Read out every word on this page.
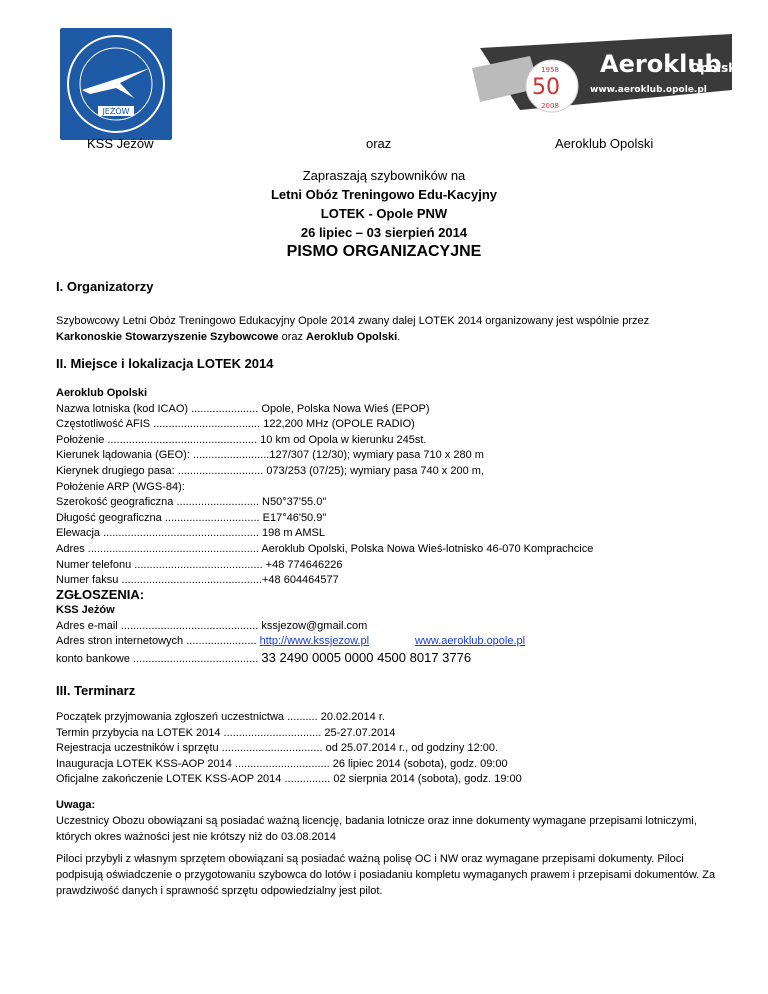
JEŻÓW
50
1958
2008
Aeroklub
Opols
www.aeroklub.opole.pl
KSS Jeżów	oraz	Aeroklub Opolski
Zapraszają szybowników na
Letni Obóz Treningowo Edu-Kacyjny
LOTEK - Opole PNW
26 lipiec – 03 sierpień 2014
PISMO ORGANIZACYJNE
I. Organizatorzy
Szybowcowy Letni Obóz Treningowo Edukacyjny Opole 2014 zwany dalej LOTEK 2014 organizowany jest wspólnie przez
Karkonoskie Stowarzyszenie Szybowcowe oraz Aeroklub Opolski.
II. Miejsce i lokalizacja LOTEK 2014
Aeroklub Opolski
Nazwa lotniska (kod ICAO) ...................... Opole, Polska Nowa Wieś (EPOP)
Częstotliwość AFIS ................................... 122,200 MHz (OPOLE RADIO)
Położenie ................................................. 10 km od Opola w kierunku 245st.
Kierunek lądowania (GEO): .........................127/307 (12/30); wymiary pasa 710 x 280 m
Kierynek drugiego pasa: ............................ 073/253 (07/25); wymiary pasa 740 x 200 m,
Położenie ARP (WGS-84):
Szerokość geograficzna ........................... N50°37'55.0"
Długość geograficzna ............................... E17°46'50.9"
Elewacja ................................................... 198 m AMSL
Adres ........................................................ Aeroklub Opolski, Polska Nowa Wieś-lotnisko 46-070 Komprachcice
Numer telefonu .......................................... +48 774646226
Numer faksu ..............................................+48 604464577
ZGŁOSZENIA:
KSS Jeżów
Adres e-mail ............................................. kssjezow@gmail.com
Adres stron internetowych ....................... http://www.kssjezow.pl	www.aeroklub.opole.pl
konto bankowe ......................................... 33 2490 0005 0000 4500 8017 3776
III. Terminarz
Początek przyjmowania zgłoszeń uczestnictwa .......... 20.02.2014 r.
Termin przybycia na LOTEK 2014 ................................ 25-27.07.2014
Rejestracja uczestników i sprzętu ................................. od 25.07.2014 r., od godziny 12:00.
Inauguracja LOTEK KSS-AOP 2014 ............................... 26 lipiec 2014 (sobota), godz. 09:00
Oficjalne zakończenie LOTEK KSS-AOP 2014 ............... 02 sierpnia 2014 (sobota), godz. 19:00
Uwaga:
Uczestnicy Obozu obowiązani są posiadać ważną licencję, badania lotnicze oraz inne dokumenty wymagane przepisami lotniczymi, których okres ważności jest nie krótszy niż do 03.08.2014
Piloci przybyli z własnym sprzętem obowiązani są posiadać ważną polisę OC i NW oraz wymagane przepisami dokumenty. Piloci podpisują oświadczenie o przygotowaniu szybowca do lotów i posiadaniu kompletu wymaganych prawem i przepisami dokumentów. Za prawdziwość danych i sprawność sprzętu odpowiedzialny jest pilot.
